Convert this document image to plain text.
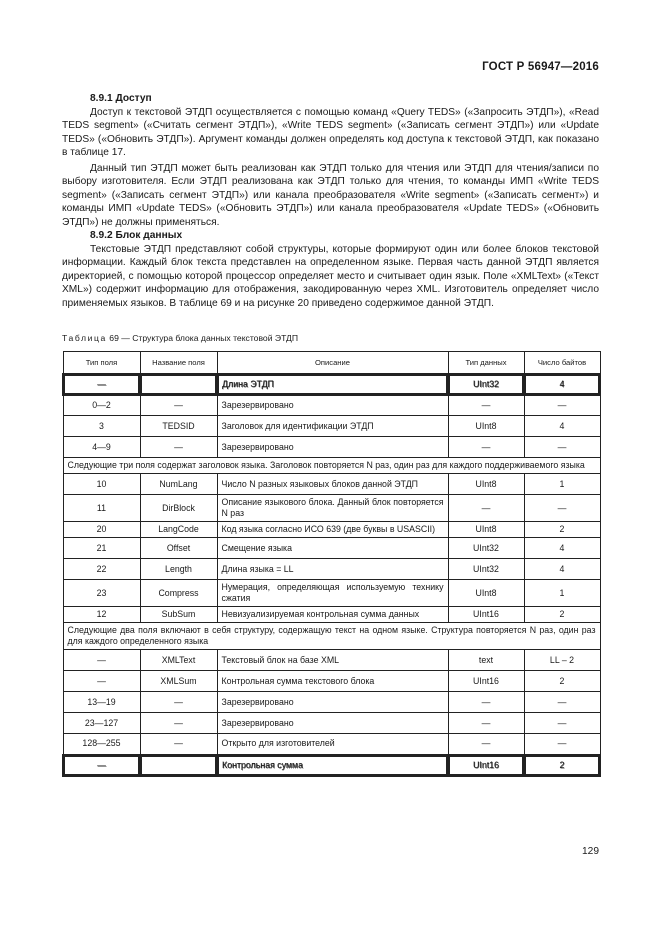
ГОСТ Р 56947—2016
8.9.1 Доступ

Доступ к текстовой ЭТДП осуществляется с помощью команд «Query TEDS» («Запросить ЭТДП»), «Read TEDS segment» («Считать сегмент ЭТДП»), «Write TEDS segment» («Записать сегмент ЭТДП») или «Update TEDS» («Обновить ЭТДП»). Аргумент команды должен определять код доступа к текстовой ЭТДП, как показано в таблице 17.

Данный тип ЭТДП может быть реализован как ЭТДП только для чтения или ЭТДП для чтения/записи по выбору изготовителя. Если ЭТДП реализована как ЭТДП только для чтения, то команды ИМП «Write TEDS segment» («Записать сегмент ЭТДП») или канала преобразователя «Write segment» («Записать сегмент») и команды ИМП «Update TEDS» («Обновить ЭТДП») или канала преобразователя «Update TEDS» («Обновить ЭТДП») не должны применяться.

8.9.2 Блок данных

Текстовые ЭТДП представляют собой структуры, которые формируют один или более блоков текстовой информации. Каждый блок текста представлен на определенном языке. Первая часть данной ЭТДП является директорией, с помощью которой процессор определяет место и считывает один язык. Поле «XMLText» («Текст XML») содержит информацию для отображения, закодированную через XML. Изготовитель определяет число применяемых языков. В таблице 69 и на рисунке 20 приведено содержимое данной ЭТДП.

Таблица 69 — Структура блока данных текстовой ЭТДП
Тип поля	Название поля	Описание	Тип данных	Число байтов
—		Длина ЭТДП	UInt32	4
0—2	—	Зарезервировано	—	—
3	TEDSID	Заголовок для идентификации ЭТДП	UInt8	4
4—9	—	Зарезервировано	—	—
Следующие три поля содержат заголовок языка. Заголовок повторяется N раз, один раз для каждого поддерживаемого языка				
10	NumLang	Число N разных языковых блоков данной ЭТДП	UInt8	1
11	DirBlock	Описание языкового блока. Данный блок повторяется N раз	—	—
20	LangCode	Код языка согласно ИСО 639 (две буквы в USASCII)	UInt8	2
21	Offset	Смещение языка	UInt32	4
22	Length	Длина языка = LL	UInt32	4
23	Compress	Нумерация, определяющая используемую технику сжатия	UInt8	1
12	SubSum	Невизуализируемая контрольная сумма данных	UInt16	2
Следующие два поля включают в себя структуру, содержащую текст на одном языке. Структура повторяется N раз, один раз для каждого определенного языка				
—	XMLText	Текстовый блок на базе XML	text	LL – 2
—	XMLSum	Контрольная сумма текстового блока	UInt16	2
13—19	—	Зарезервировано	—	—
23—127	—	Зарезервировано	—	—
128—255	—	Открыто для изготовителей	—	—
—		Контрольная сумма	UInt16	2
129
